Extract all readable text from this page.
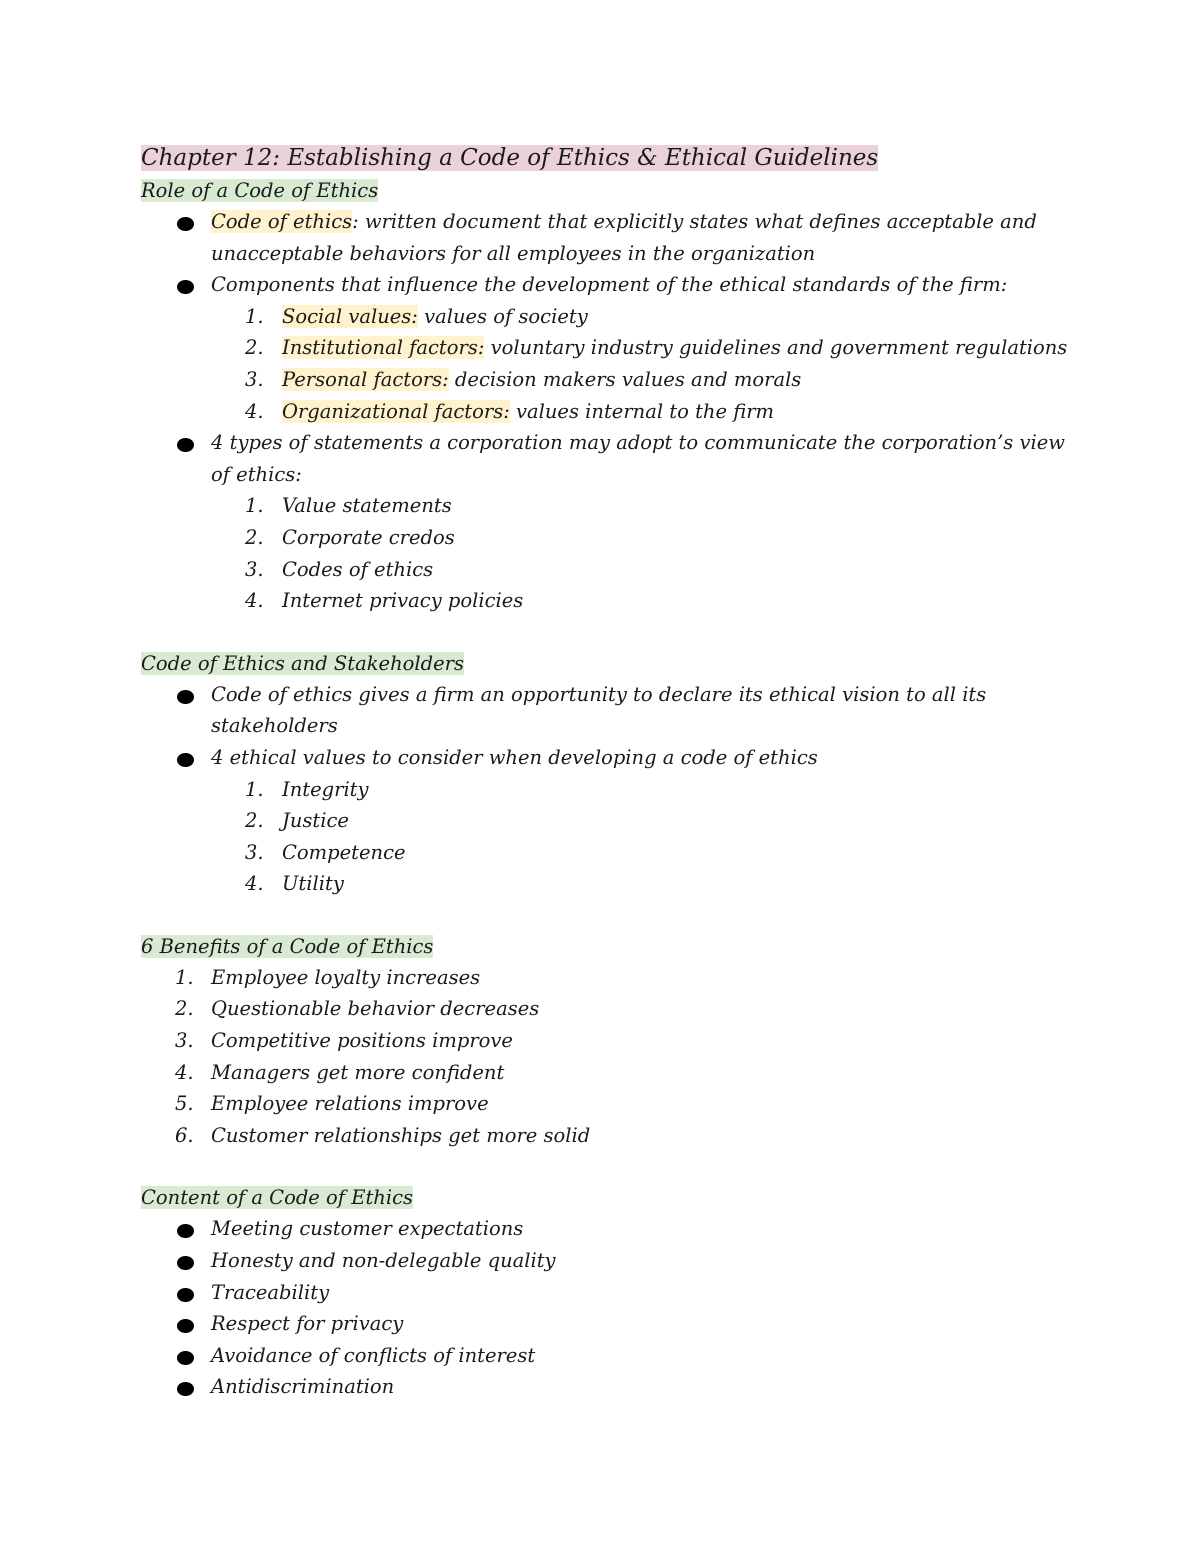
Chapter 12: Establishing a Code of Ethics & Ethical Guidelines

Role of a Code of Ethics

Code of ethics: written document that explicitly states what defines acceptable and unacceptable behaviors for all employees in the organization
Components that influence the development of the ethical standards of the firm:
1. Social values: values of society
2. Institutional factors: voluntary industry guidelines and government regulations
3. Personal factors: decision makers values and morals
4. Organizational factors: values internal to the firm
4 types of statements a corporation may adopt to communicate the corporation’s view of ethics:
1. Value statements
2. Corporate credos
3. Codes of ethics
4. Internet privacy policies

Code of Ethics and Stakeholders

Code of ethics gives a firm an opportunity to declare its ethical vision to all its stakeholders
4 ethical values to consider when developing a code of ethics
1. Integrity
2. Justice
3. Competence
4. Utility

6 Benefits of a Code of Ethics

1. Employee loyalty increases
2. Questionable behavior decreases
3. Competitive positions improve
4. Managers get more confident
5. Employee relations improve
6. Customer relationships get more solid

Content of a Code of Ethics

Meeting customer expectations
Honesty and non-delegable quality
Traceability
Respect for privacy
Avoidance of conflicts of interest
Antidiscrimination
